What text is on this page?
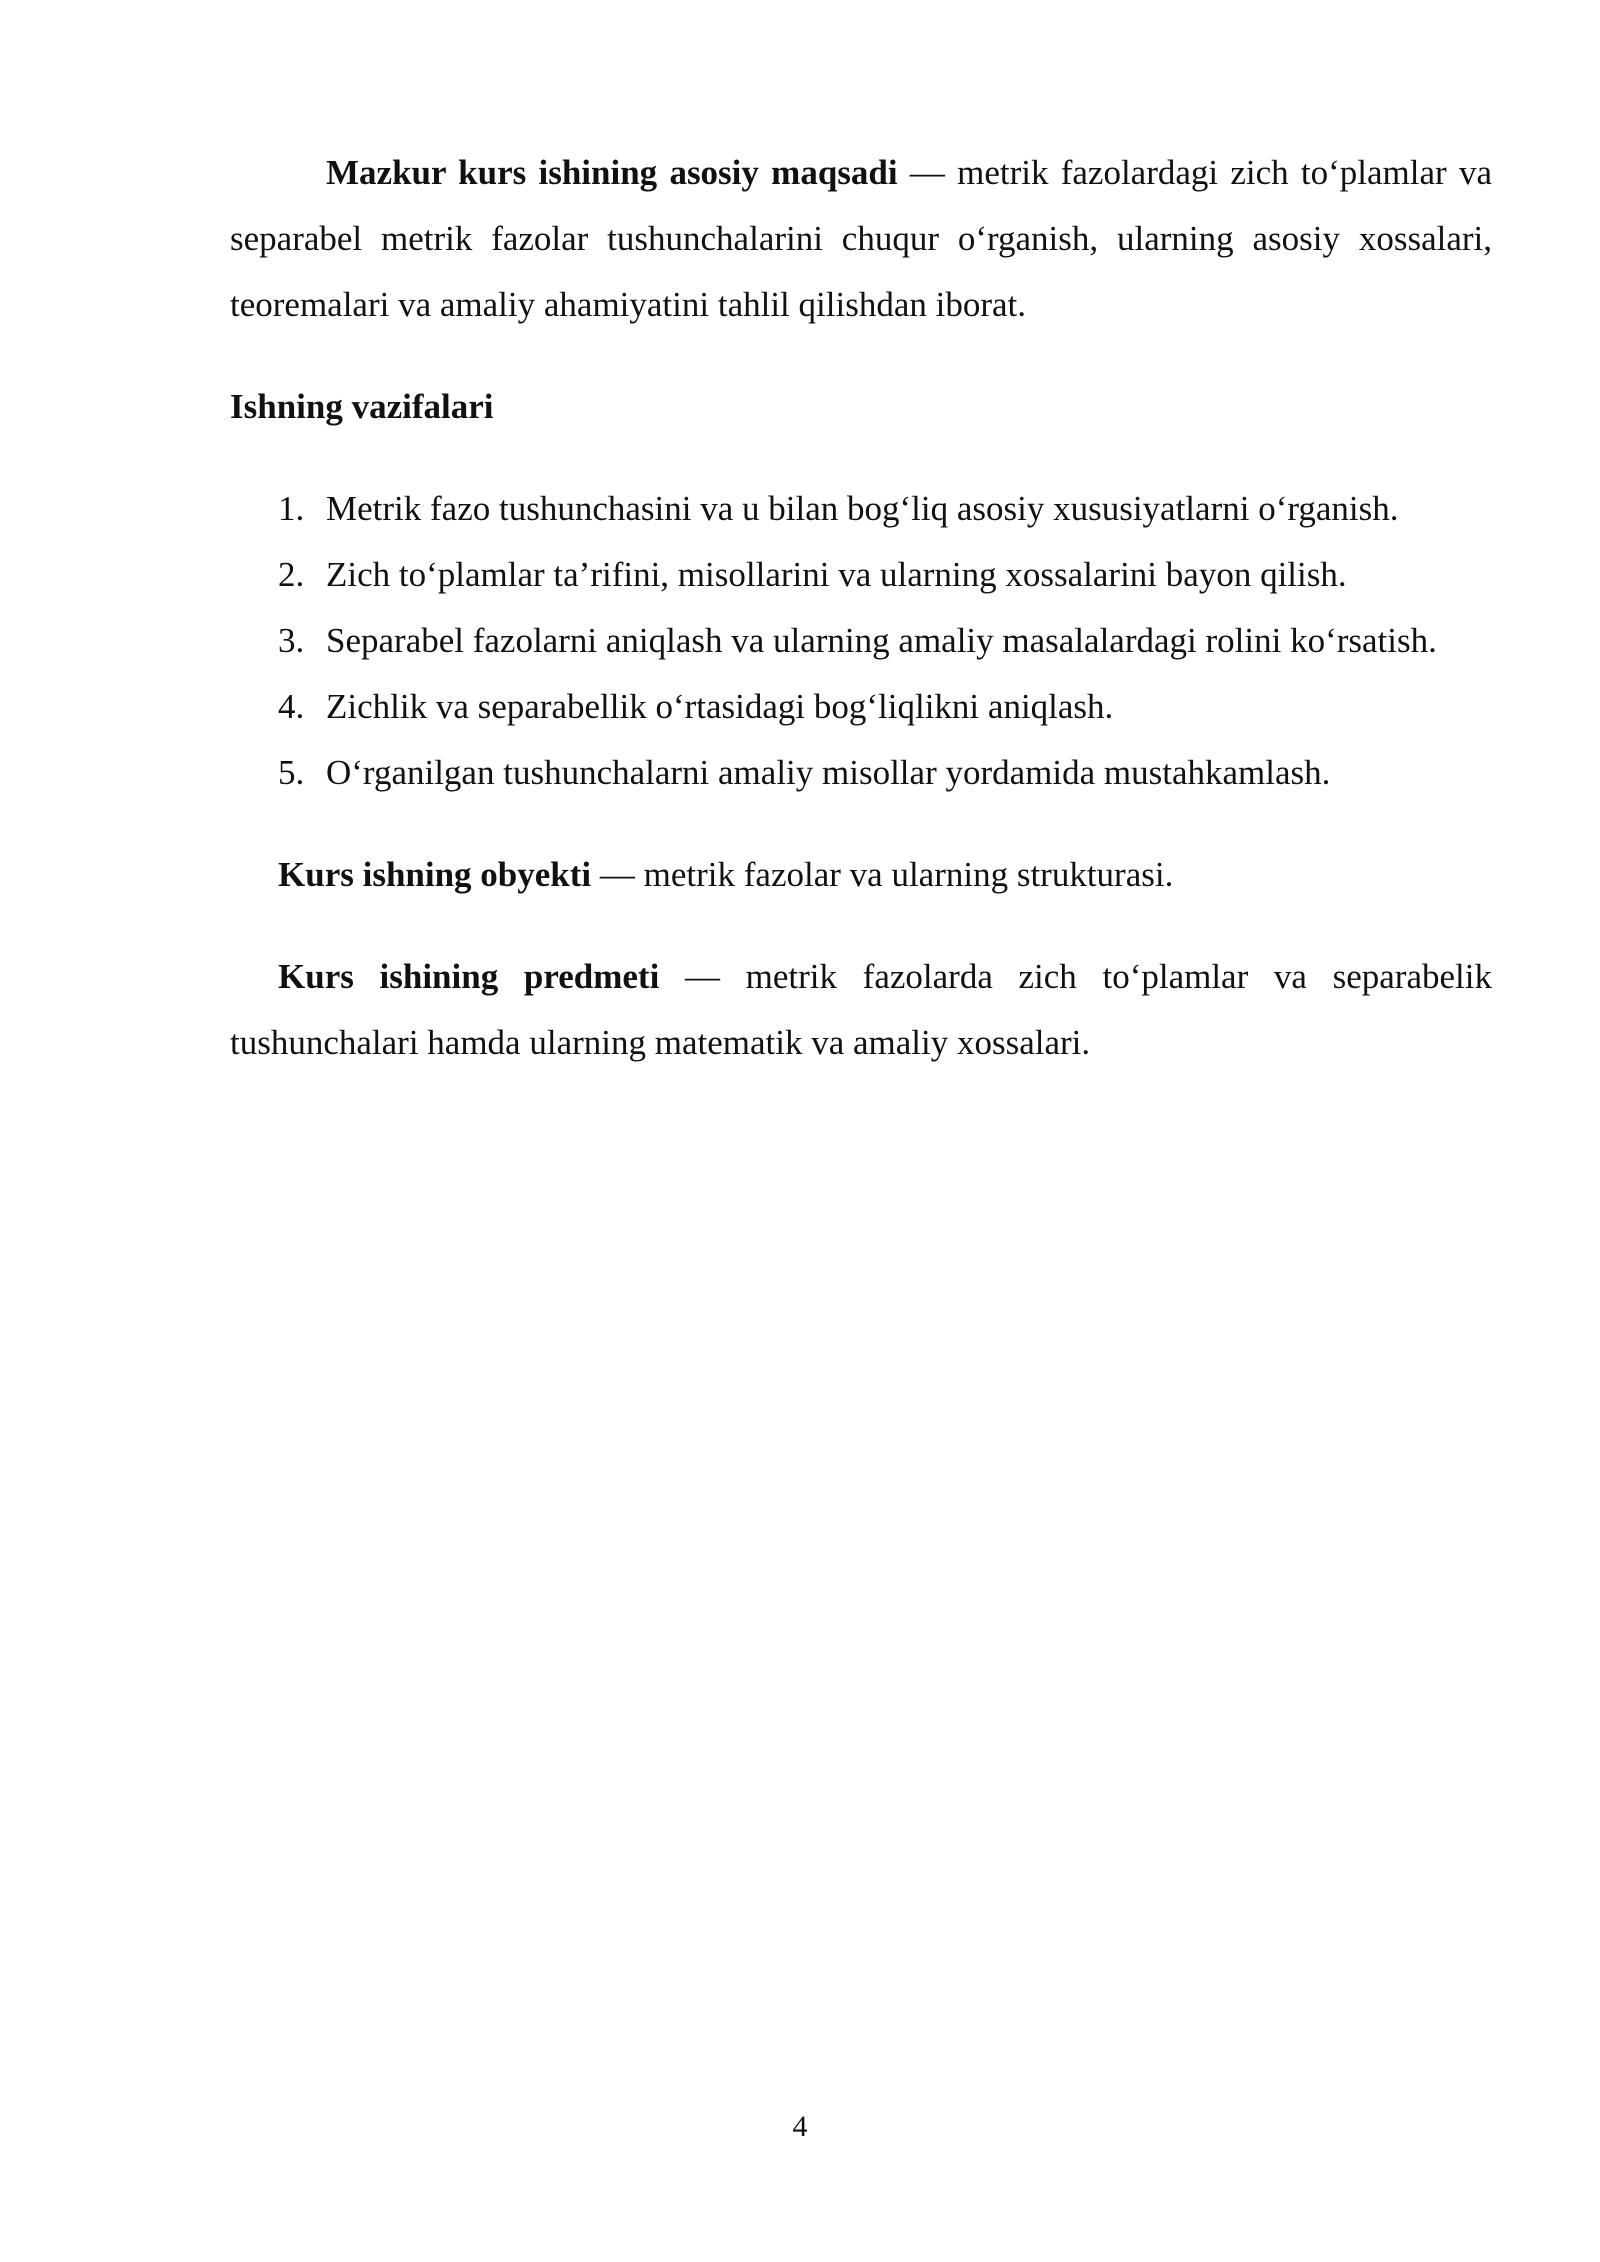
Mazkur kurs ishining asosiy maqsadi — metrik fazolardagi zich to‘plamlar va separabel metrik fazolar tushunchalarini chuqur o‘rganish, ularning asosiy xossalari, teoremalari va amaliy ahamiyatini tahlil qilishdan iborat.

Ishning vazifalari
1. Metrik fazo tushunchasini va u bilan bog‘liq asosiy xususiyatlarni o‘rganish.
2. Zich to‘plamlar ta’rifini, misollarini va ularning xossalarini bayon qilish.
3. Separabel fazolarni aniqlash va ularning amaliy masalalardagi rolini ko‘rsatish.
4. Zichlik va separabellik o‘rtasidagi bog‘liqlikni aniqlash.
5. O‘rganilgan tushunchalarni amaliy misollar yordamida mustahkamlash.

Kurs ishning obyekti — metrik fazolar va ularning strukturasi.

Kurs ishining predmeti — metrik fazolarda zich to‘plamlar va separabelik tushunchalari hamda ularning matematik va amaliy xossalari.

4
